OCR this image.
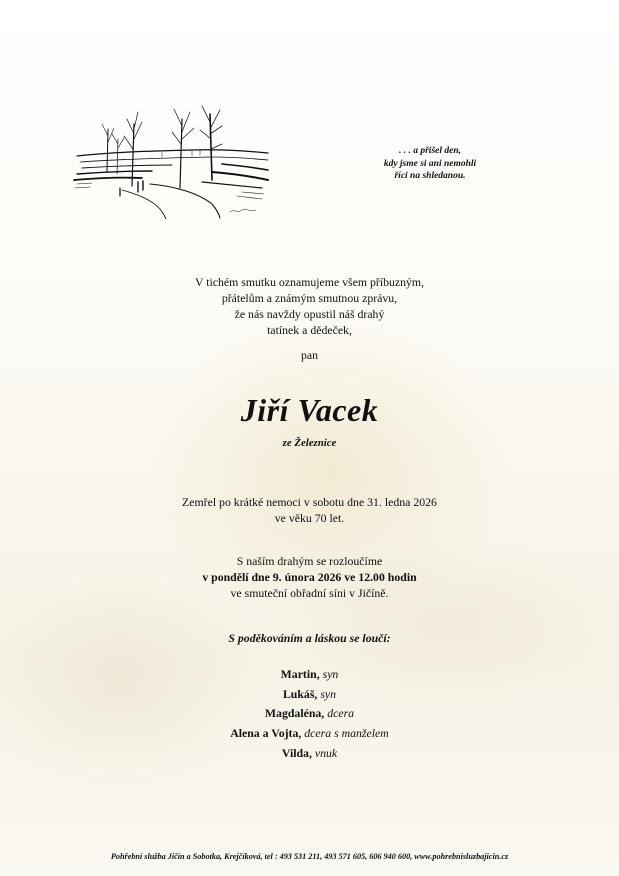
. . . a přišel den,
kdy jsme si ani nemohli
říci na shledanou.
V tichém smutku oznamujeme všem příbuzným,
přátelům a známým smutnou zprávu,
že nás navždy opustil náš drahý
tatínek a dědeček,
pan
Jiří Vacek
ze Železnice
Zemřel po krátké nemoci v sobotu dne 31. ledna 2026
ve věku 70 let.
S naším drahým se rozloučíme
v pondělí dne 9. února 2026 ve 12.00 hodin
ve smuteční obřadní síni v Jičíně.
S poděkováním a láskou se loučí:
Martin, syn
Lukáš, syn
Magdaléna, dcera
Alena a Vojta, dcera s manželem
Vilda, vnuk
Pohřební služba Jičín a Sobotka, Krejčíková, tel : 493 531 211, 493 571 605, 606 940 600, www.pohrebnisluzbajicin.cz
